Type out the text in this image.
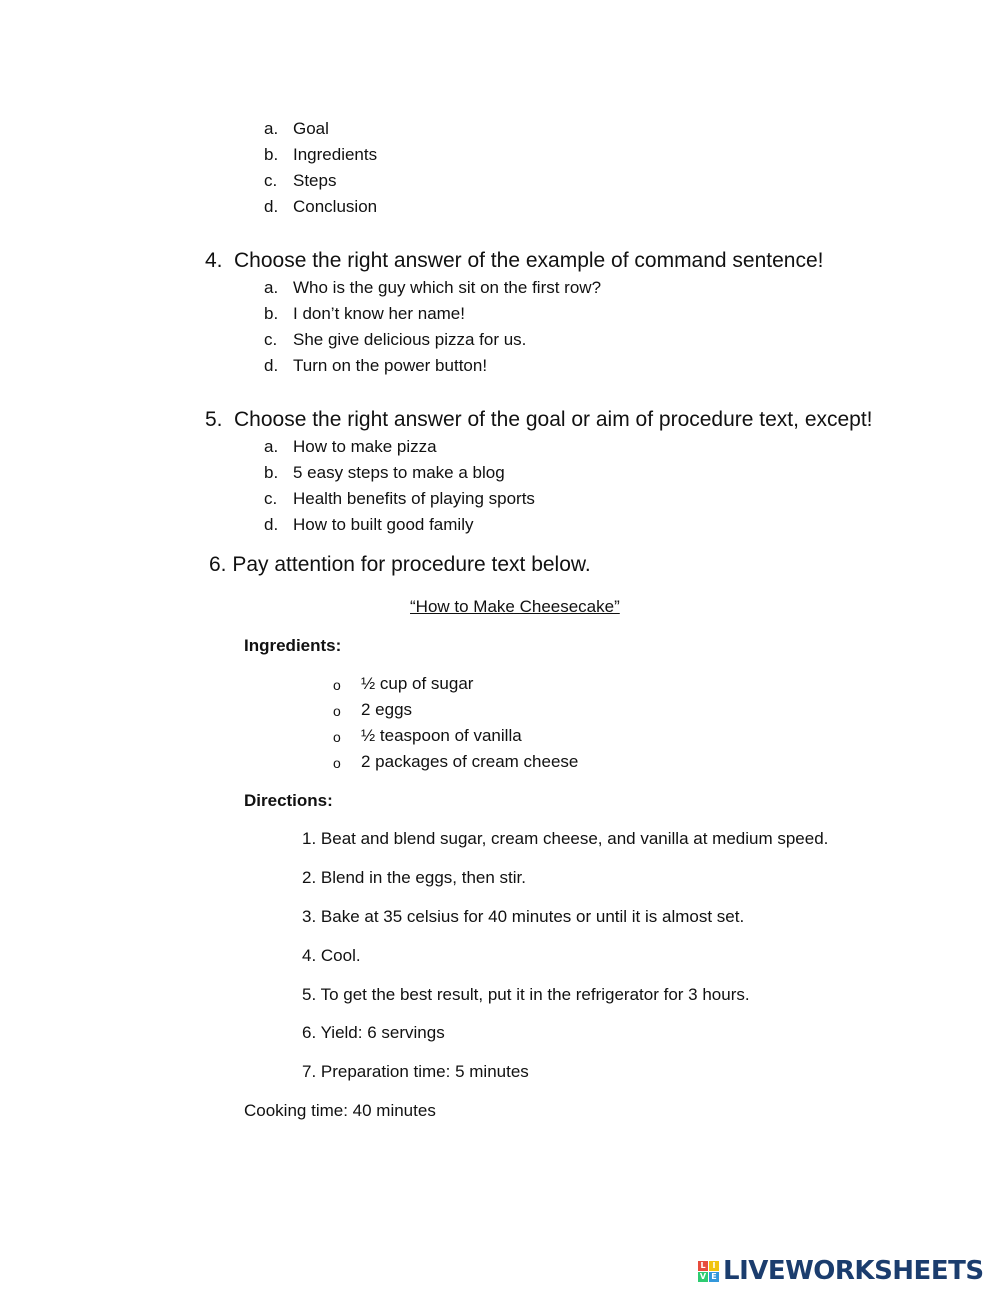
a. Goal
b. Ingredients
c. Steps
d. Conclusion
4. Choose the right answer of the example of command sentence!
a. Who is the guy which sit on the first row?
b. I don’t know her name!
c. She give delicious pizza for us.
d. Turn on the power button!
5. Choose the right answer of the goal or aim of procedure text, except!
a. How to make pizza
b. 5 easy steps to make a blog
c. Health benefits of playing sports
d. How to built good family
6. Pay attention for procedure text below.
“How to Make Cheesecake”
Ingredients:
o ½ cup of sugar
o 2 eggs
o ½ teaspoon of vanilla
o 2 packages of cream cheese
Directions:
1. Beat and blend sugar, cream cheese, and vanilla at medium speed.
2. Blend in the eggs, then stir.
3. Bake at 35 celsius for 40 minutes or until it is almost set.
4. Cool.
5. To get the best result, put it in the refrigerator for 3 hours.
6. Yield: 6 servings
7. Preparation time: 5 minutes
Cooking time: 40 minutes
L I
V E LIVEWORKSHEETS
